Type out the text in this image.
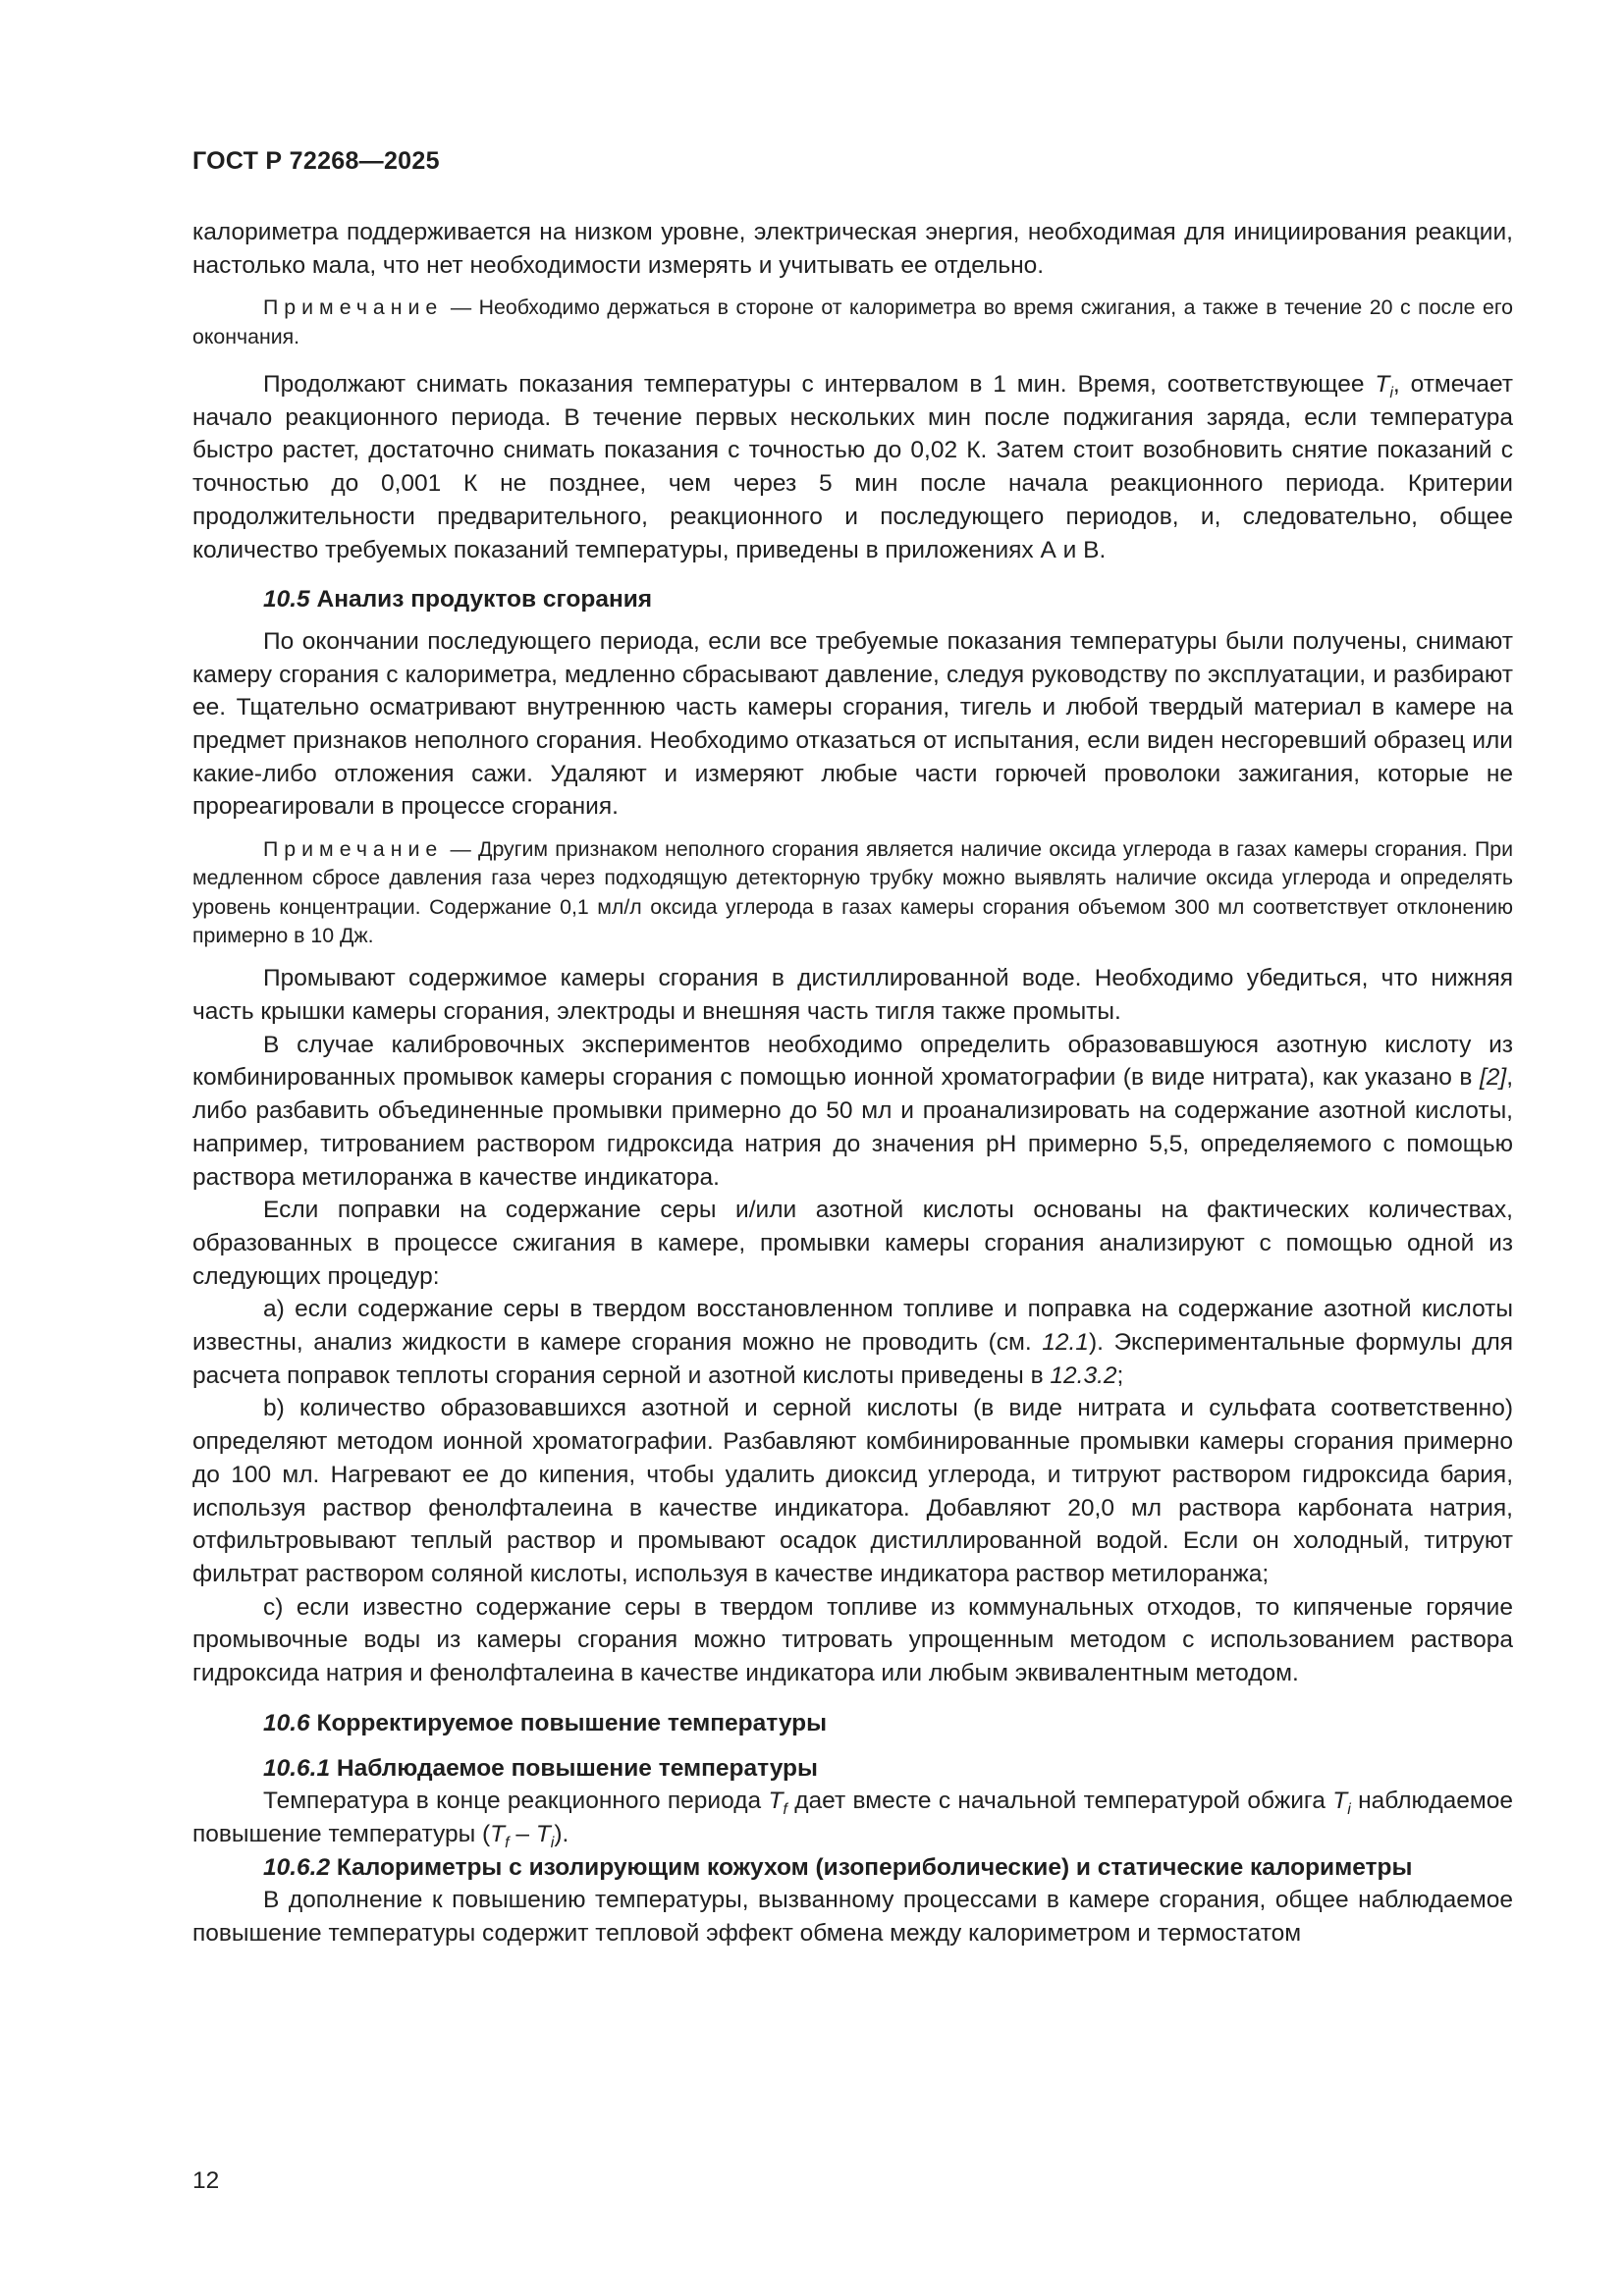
ГОСТ Р 72268—2025

калориметра поддерживается на низком уровне, электрическая энергия, необходимая для инициирования реакции, настолько мала, что нет необходимости измерять и учитывать ее отдельно.

Примечание — Необходимо держаться в стороне от калориметра во время сжигания, а также в течение 20 с после его окончания.

Продолжают снимать показания температуры с интервалом в 1 мин. Время, соответствующее $T_i$, отмечает начало реакционного периода. В течение первых нескольких мин после поджигания заряда, если температура быстро растет, достаточно снимать показания с точностью до 0,02 К. Затем стоит возобновить снятие показаний с точностью до 0,001 К не позднее, чем через 5 мин после начала реакционного периода. Критерии продолжительности предварительного, реакционного и последующего периодов, и, следовательно, общее количество требуемых показаний температуры, приведены в приложениях А и В.

10.5 Анализ продуктов сгорания

По окончании последующего периода, если все требуемые показания температуры были получены, снимают камеру сгорания с калориметра, медленно сбрасывают давление, следуя руководству по эксплуатации, и разбирают ее. Тщательно осматривают внутреннюю часть камеры сгорания, тигель и любой твердый материал в камере на предмет признаков неполного сгорания. Необходимо отказаться от испытания, если виден несгоревший образец или какие-либо отложения сажи. Удаляют и измеряют любые части горючей проволоки зажигания, которые не прореагировали в процессе сгорания.

Примечание — Другим признаком неполного сгорания является наличие оксида углерода в газах камеры сгорания. При медленном сбросе давления газа через подходящую детекторную трубку можно выявлять наличие оксида углерода и определять уровень концентрации. Содержание 0,1 мл/л оксида углерода в газах камеры сгорания объемом 300 мл соответствует отклонению примерно в 10 Дж.

Промывают содержимое камеры сгорания в дистиллированной воде. Необходимо убедиться, что нижняя часть крышки камеры сгорания, электроды и внешняя часть тигля также промыты.

В случае калибровочных экспериментов необходимо определить образовавшуюся азотную кислоту из комбинированных промывок камеры сгорания с помощью ионной хроматографии (в виде нитрата), как указано в [2], либо разбавить объединенные промывки примерно до 50 мл и проанализировать на содержание азотной кислоты, например, титрованием раствором гидроксида натрия до значения рН примерно 5,5, определяемого с помощью раствора метилоранжа в качестве индикатора.

Если поправки на содержание серы и/или азотной кислоты основаны на фактических количествах, образованных в процессе сжигания в камере, промывки камеры сгорания анализируют с помощью одной из следующих процедур:

a) если содержание серы в твердом восстановленном топливе и поправка на содержание азотной кислоты известны, анализ жидкости в камере сгорания можно не проводить (см. 12.1). Экспериментальные формулы для расчета поправок теплоты сгорания серной и азотной кислоты приведены в 12.3.2;

b) количество образовавшихся азотной и серной кислоты (в виде нитрата и сульфата соответственно) определяют методом ионной хроматографии. Разбавляют комбинированные промывки камеры сгорания примерно до 100 мл. Нагревают ее до кипения, чтобы удалить диоксид углерода, и титруют раствором гидроксида бария, используя раствор фенолфталеина в качестве индикатора. Добавляют 20,0 мл раствора карбоната натрия, отфильтровывают теплый раствор и промывают осадок дистиллированной водой. Если он холодный, титруют фильтрат раствором соляной кислоты, используя в качестве индикатора раствор метилоранжа;

c) если известно содержание серы в твердом топливе из коммунальных отходов, то кипяченые горячие промывочные воды из камеры сгорания можно титровать упрощенным методом с использованием раствора гидроксида натрия и фенолфталеина в качестве индикатора или любым эквивалентным методом.

10.6 Корректируемое повышение температуры

10.6.1 Наблюдаемое повышение температуры

Температура в конце реакционного периода $T_f$ дает вместе с начальной температурой обжига $T_i$ наблюдаемое повышение температуры $(T_f - T_i)$.

10.6.2 Калориметры с изолирующим кожухом (изопериболические) и статические калориметры

В дополнение к повышению температуры, вызванному процессами в камере сгорания, общее наблюдаемое повышение температуры содержит тепловой эффект обмена между калориметром и термостатом

12
